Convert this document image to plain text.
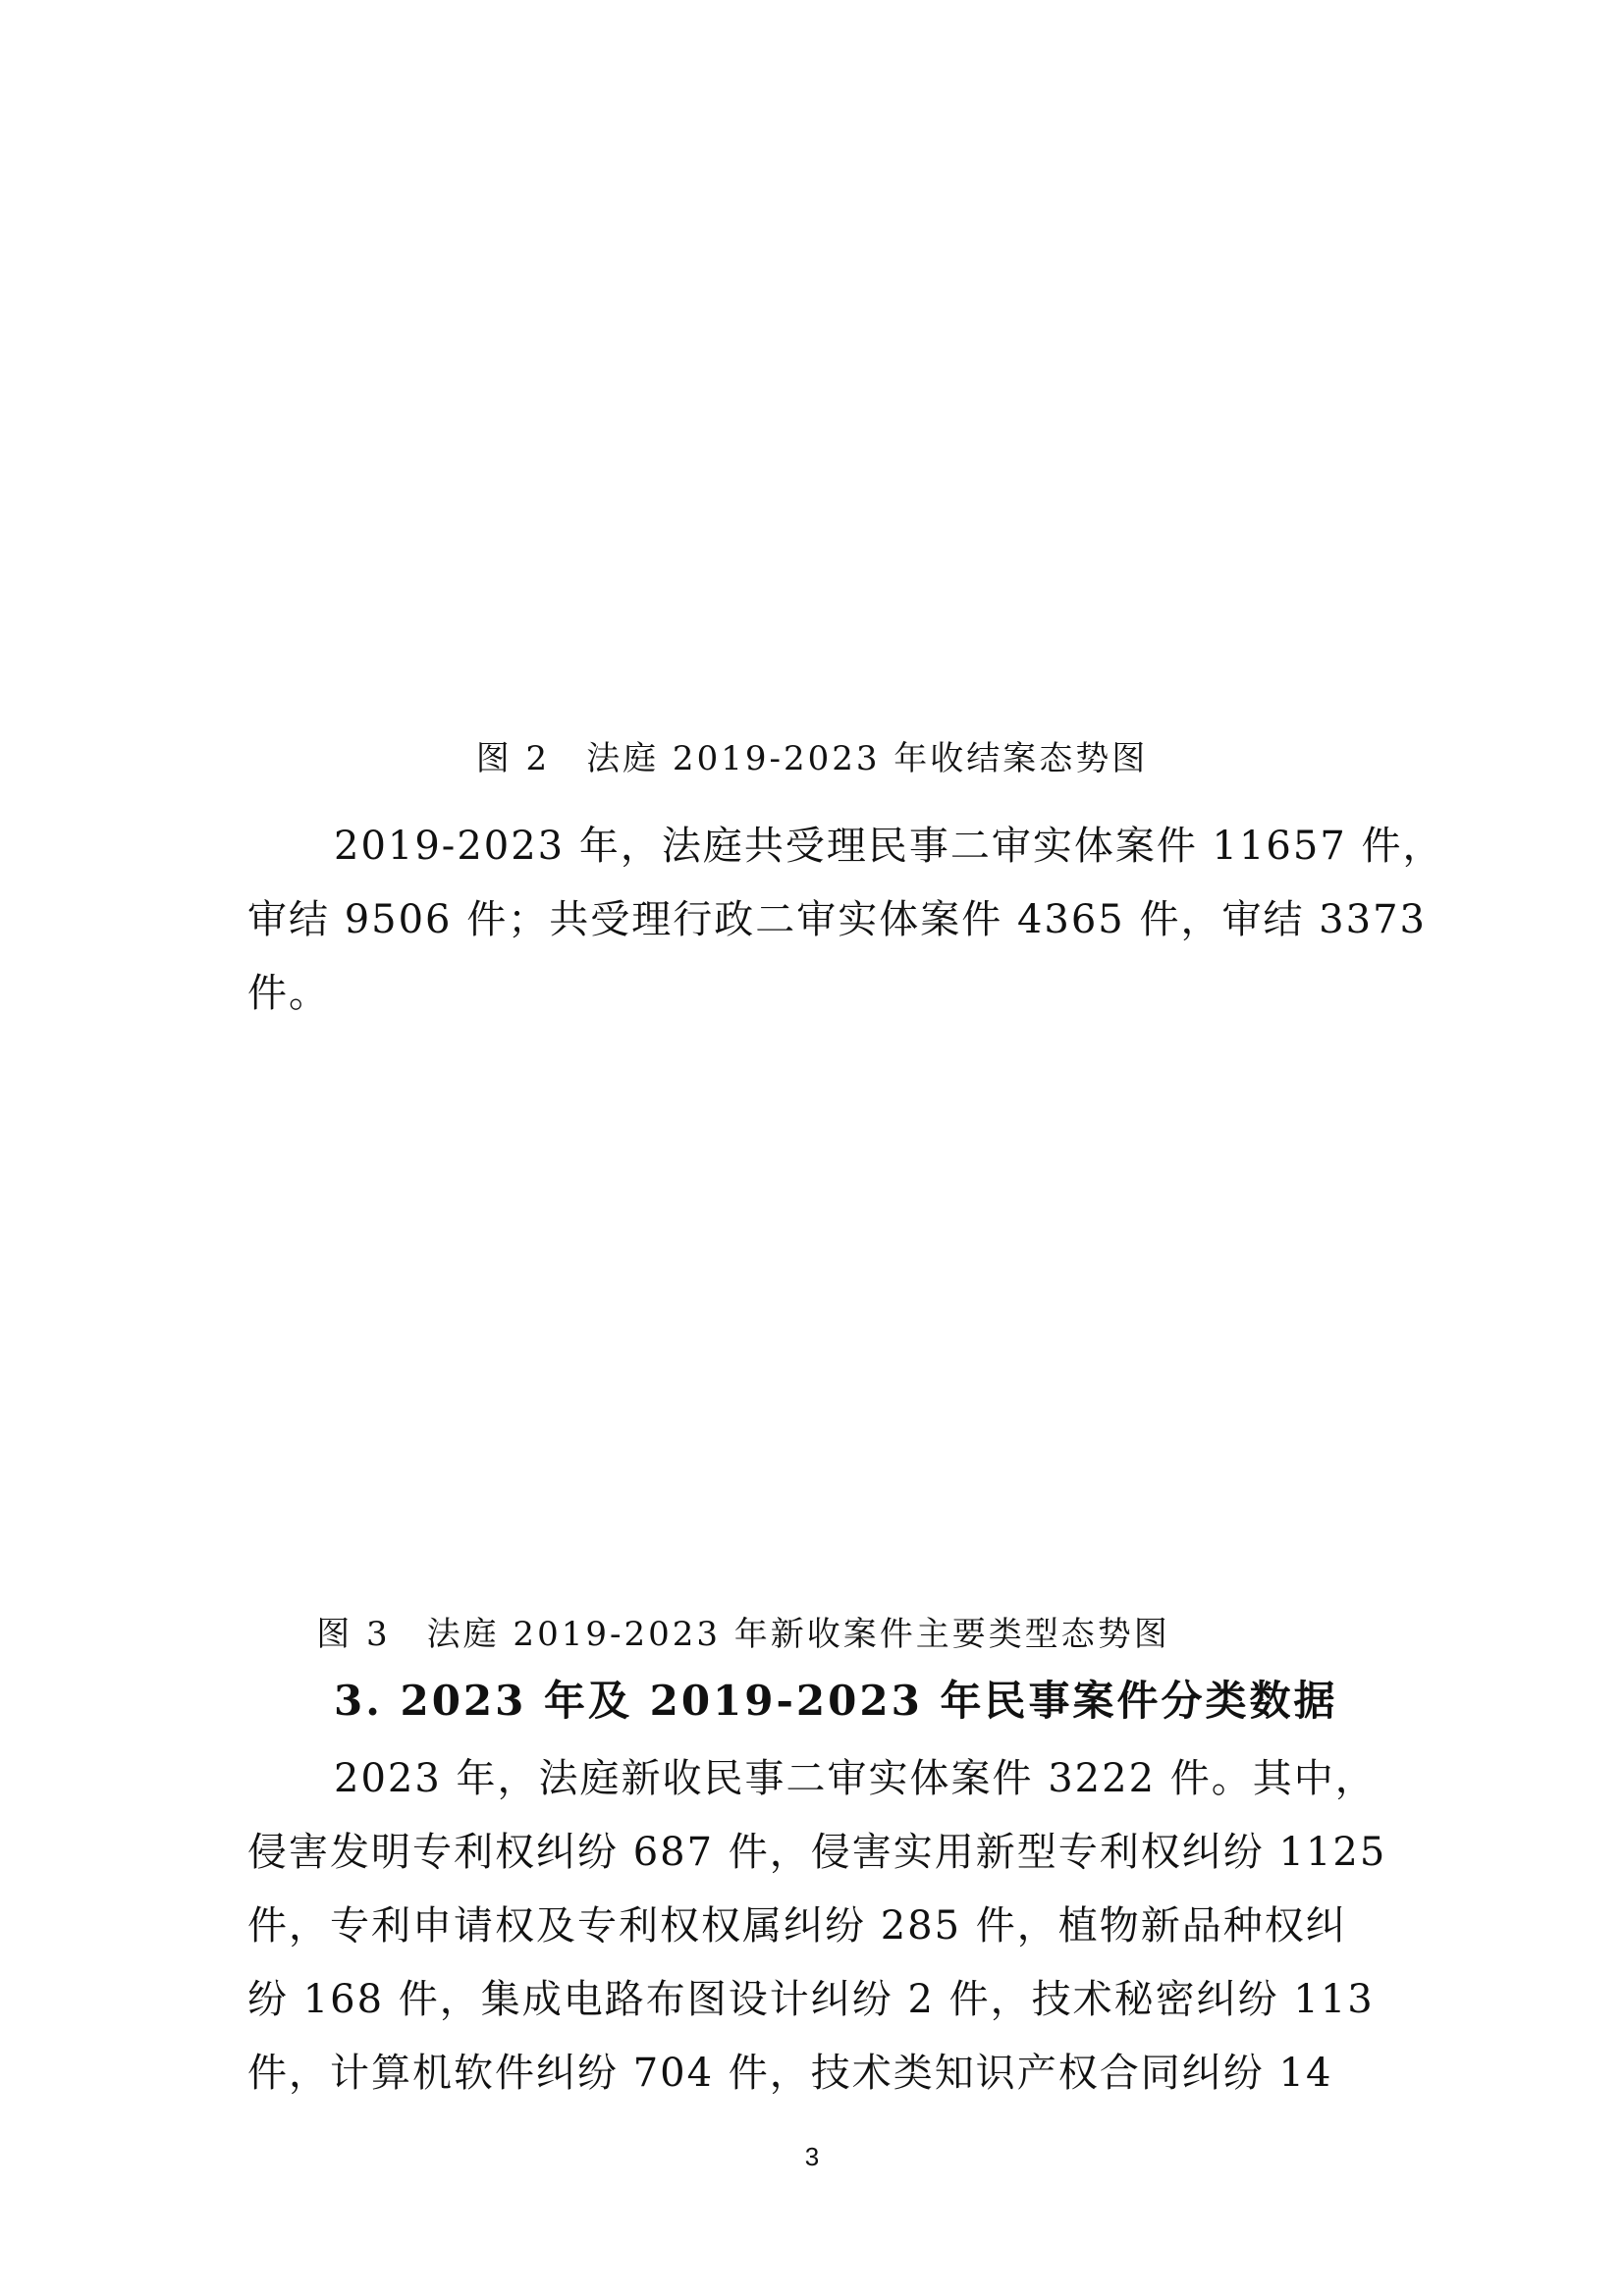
图 2　法庭 2019-2023 年收结案态势图
2019-2023 年，法庭共受理民事二审实体案件 11657 件，
审结 9506 件；共受理行政二审实体案件 4365 件，审结 3373
件。
图 3　法庭 2019-2023 年新收案件主要类型态势图
3. 2023 年及 2019-2023 年民事案件分类数据
2023 年，法庭新收民事二审实体案件 3222 件。其中，
侵害发明专利权纠纷 687 件，侵害实用新型专利权纠纷 1125
件，专利申请权及专利权权属纠纷 285 件，植物新品种权纠
纷 168 件，集成电路布图设计纠纷 2 件，技术秘密纠纷 113
件，计算机软件纠纷 704 件，技术类知识产权合同纠纷 14
3
